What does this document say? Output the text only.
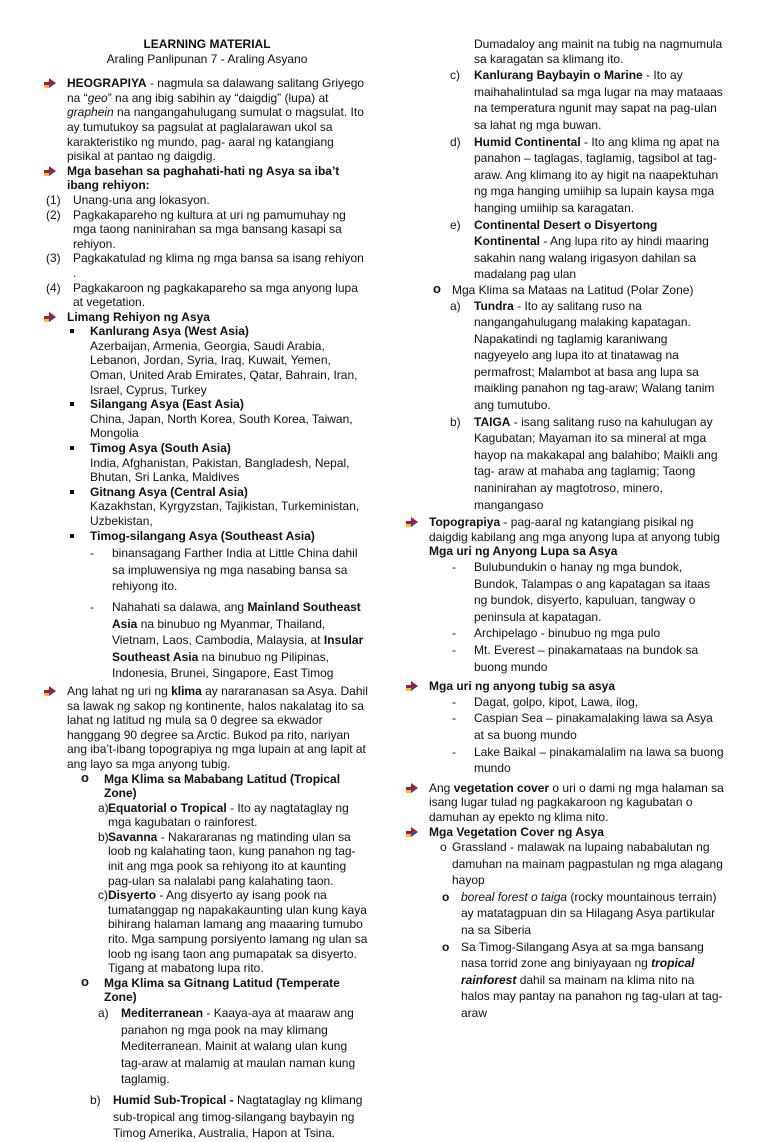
LEARNING MATERIAL
Araling Panlipunan 7 - Araling Asyano
HEOGRAPIYA - nagmula sa dalawang salitang Griyego na “geo” na ang ibig sabihin ay “daigdig” (lupa) at graphein na nangangahulugang sumulat o magsulat. Ito ay tumutukoy sa pagsulat at paglalarawan ukol sa karakteristiko ng mundo, pag- aaral ng katangiang pisikal at pantao ng daigdig.
Mga basehan sa paghahati-hati ng Asya sa iba’t ibang rehiyon:
(1) Unang-una ang lokasyon.
(2) Pagkakapareho ng kultura at uri ng pamumuhay ng mga taong naninirahan sa mga bansang kasapi sa rehiyon.
(3) Pagkakatulad ng klima ng mga bansa sa isang rehiyon .
(4) Pagkakaroon ng pagkakapareho sa mga anyong lupa at vegetation.
Limang Rehiyon ng Asya
Kanlurang Asya (West Asia)
Azerbaijan, Armenia, Georgia, Saudi Arabia, Lebanon, Jordan, Syria, Iraq, Kuwait, Yemen, Oman, United Arab Emirates, Qatar, Bahrain, Iran, Israel, Cyprus, Turkey
Silangang Asya (East Asia)
China, Japan, North Korea, South Korea, Taiwan, Mongolia
Timog Asya (South Asia)
India, Afghanistan, Pakistan, Bangladesh, Nepal, Bhutan, Sri Lanka, Maldives
Gitnang Asya (Central Asia)
Kazakhstan, Kyrgyzstan, Tajikistan, Turkeministan, Uzbekistan,
Timog-silangang Asya (Southeast Asia)
- binansagang Farther India at Little China dahil sa impluwensiya ng mga nasabing bansa sa rehiyong ito.
- Nahahati sa dalawa, ang Mainland Southeast Asia na binubuo ng Myanmar, Thailand, Vietnam, Laos, Cambodia, Malaysia, at Insular Southeast Asia na binubuo ng Pilipinas, Indonesia, Brunei, Singapore, East Timog
Ang lahat ng uri ng klima ay nararanasan sa Asya. Dahil sa lawak ng sakop ng kontinente, halos nakalatag ito sa lahat ng latitud ng mula sa 0 degree sa ekwador hanggang 90 degree sa Arctic. Bukod pa rito, nariyan ang iba’t-ibang topograpiya ng mga lupain at ang lapit at ang layo sa mga anyong tubig.
o Mga Klima sa Mababang Latitud (Tropical Zone)
a) Equatorial o Tropical - Ito ay nagtataglay ng mga kagubatan o rainforest.
b) Savanna - Nakararanas ng matinding ulan sa loob ng kalahating taon, kung panahon ng tag-init ang mga pook sa rehiyong ito at kaunting pag-ulan sa nalalabi pang kalahating taon.
c) Disyerto - Ang disyerto ay isang pook na tumatanggap ng napakakaunting ulan kung kaya bihirang halaman lamang ang maaaring tumubo rito. Mga sampung porsiyento lamang ng ulan sa loob ng isang taon ang pumapatak sa disyerto. Tigang at mabatong lupa rito.
o Mga Klima sa Gitnang Latitud (Temperate Zone)
a) Mediterranean - Kaaya-aya at maaraw ang panahon ng mga pook na may klimang Mediterranean. Mainit at walang ulan kung tag-araw at malamig at maulan naman kung taglamig.
b) Humid Sub-Tropical - Nagtataglay ng klimang sub-tropical ang timog-silangang baybayin ng Timog Amerika, Australia, Hapon at Tsina.
Dumadaloy ang mainit na tubig na nagmumula sa karagatan sa klimang ito.
c) Kanlurang Baybayin o Marine - Ito ay maihahalintulad sa mga lugar na may mataaas na temperatura ngunit may sapat na pag-ulan sa lahat ng mga buwan.
d) Humid Continental - Ito ang klima ng apat na panahon – taglagas, taglamig, tagsibol at tag-araw. Ang klimang ito ay higit na naapektuhan ng mga hanging umiihip sa lupain kaysa mga hanging umiihip sa karagatan.
e) Continental Desert o Disyertong Kontinental - Ang lupa rito ay hindi maaring sakahin nang walang irigasyon dahilan sa madalang pag ulan
o Mga Klima sa Mataas na Latitud (Polar Zone)
a) Tundra - Ito ay salitang ruso na nangangahulugang malaking kapatagan. Napakatindi ng taglamig karaniwang nagyeyelo ang lupa ito at tinatawag na permafrost; Malambot at basa ang lupa sa maikling panahon ng tag-araw; Walang tanim ang tumutubo.
b) TAIGA - isang salitang ruso na kahulugan ay Kagubatan; Mayaman ito sa mineral at mga hayop na makakapal ang balahibo; Maikli ang tag- araw at mahaba ang taglamig; Taong naninirahan ay magtotroso, minero, mangangaso
Topograpiya - pag-aaral ng katangiang pisikal ng daigdig kabilang ang mga anyong lupa at anyong tubig
Mga uri ng Anyong Lupa sa Asya
- Bulubundukin o hanay ng mga bundok, Bundok, Talampas o ang kapatagan sa itaas ng bundok, disyerto, kapuluan, tangway o peninsula at kapatagan.
- Archipelago - binubuo ng mga pulo
- Mt. Everest – pinakamataas na bundok sa buong mundo
Mga uri ng anyong tubig sa asya
- Dagat, golpo, kipot, Lawa, ilog,
- Caspian Sea – pinakamalaking lawa sa Asya at sa buong mundo
- Lake Baikal – pinakamalalim na lawa sa buong mundo
Ang vegetation cover o uri o dami ng mga halaman sa isang lugar tulad ng pagkakaroon ng kagubatan o damuhan ay epekto ng klima nito.
Mga Vegetation Cover ng Asya
o Grassland - malawak na lupaing nababalutan ng damuhan na mainam pagpastulan ng mga alagang hayop
o boreal forest o taiga (rocky mountainous terrain) ay matatagpuan din sa Hilagang Asya partikular na sa Siberia
o Sa Timog-Silangang Asya at sa mga bansang nasa torrid zone ang biniyayaan ng tropical rainforest dahil sa mainam na klima nito na halos may pantay na panahon ng tag-ulan at tag-araw
